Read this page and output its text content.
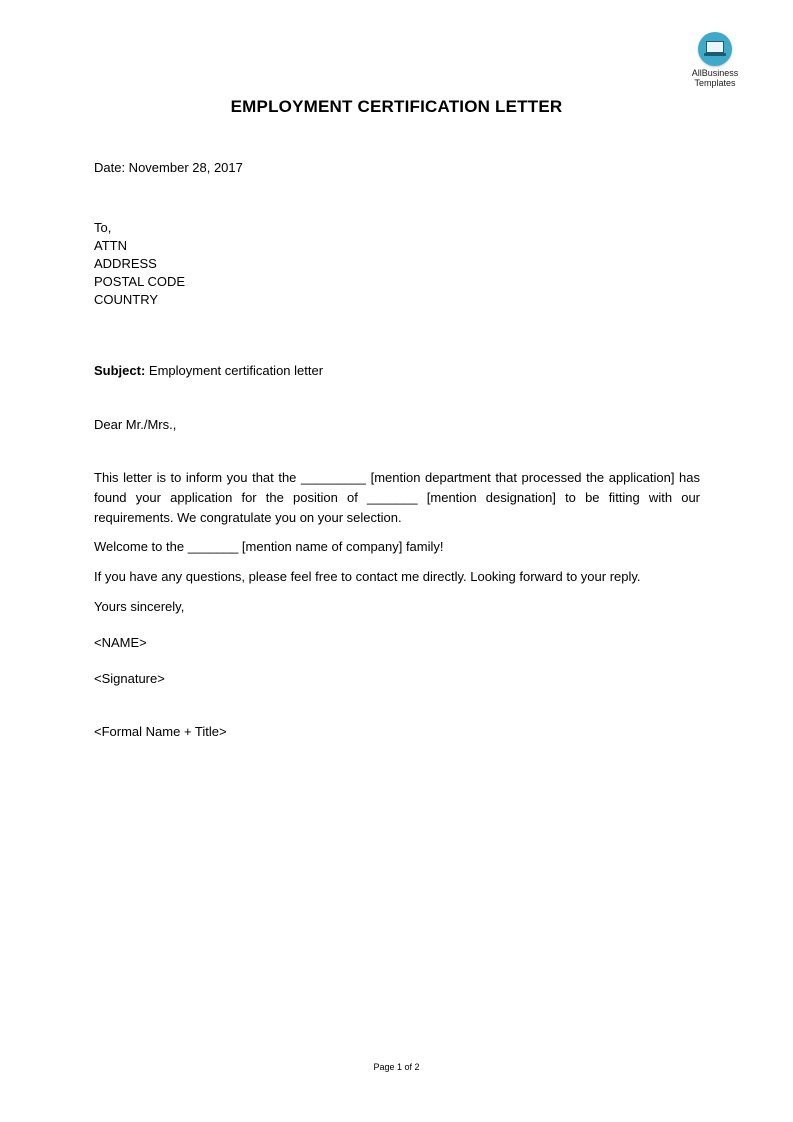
AllBusiness
Templates
EMPLOYMENT CERTIFICATION LETTER
Date: November 28, 2017
To,
ATTN
ADDRESS
POSTAL CODE
COUNTRY
Subject: Employment certification letter
Dear Mr./Mrs.,
This letter is to inform you that the _________ [mention department that processed the application] has found your application for the position of _______ [mention designation] to be fitting with our requirements. We congratulate you on your selection.
Welcome to the _______ [mention name of company] family!
If you have any questions, please feel free to contact me directly. Looking forward to your reply.
Yours sincerely,
<NAME>
<Signature>
<Formal Name + Title>
Page 1 of 2
